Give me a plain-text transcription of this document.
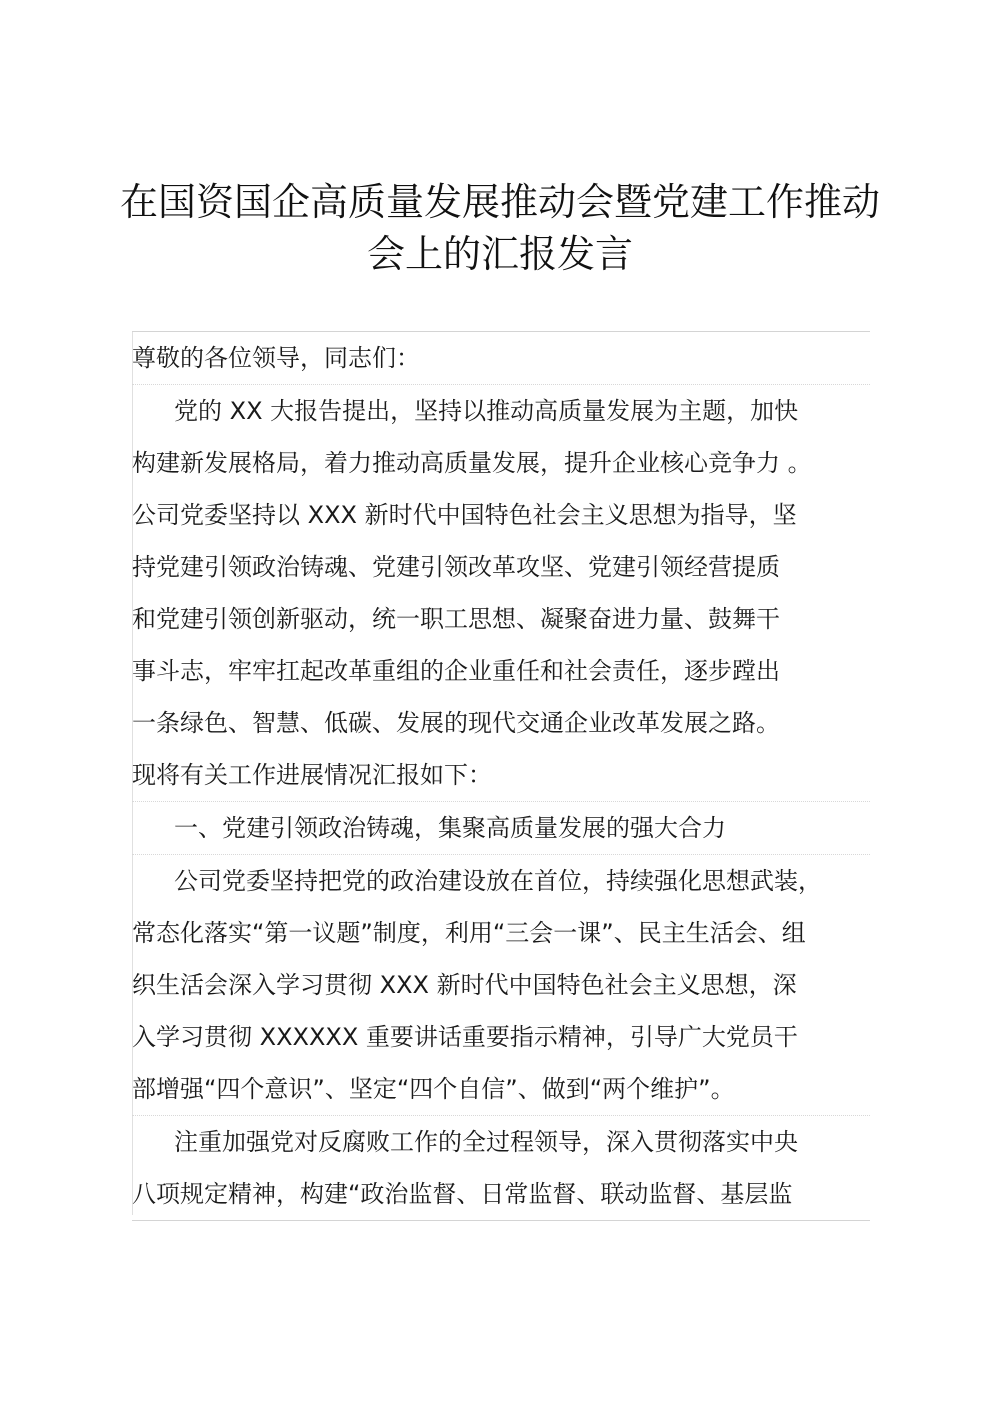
在国资国企高质量发展推动会暨党建工作推动
会上的汇报发言
尊敬的各位领导，同志们：
党的 XX 大报告提出，坚持以推动高质量发展为主题，加快
构建新发展格局，着力推动高质量发展，提升企业核心竞争力 。
公司党委坚持以 XXX 新时代中国特色社会主义思想为指导，坚
持党建引领政治铸魂、党建引领改革攻坚、党建引领经营提质
和党建引领创新驱动，统一职工思想、凝聚奋进力量、鼓舞干
事斗志，牢牢扛起改革重组的企业重任和社会责任，逐步蹚出
一条绿色、智慧、低碳、发展的现代交通企业改革发展之路。
现将有关工作进展情况汇报如下：
一、党建引领政治铸魂，集聚高质量发展的强大合力
公司党委坚持把党的政治建设放在首位，持续强化思想武装，
常态化落实“第一议题”制度，利用“三会一课”、民主生活会、组
织生活会深入学习贯彻 XXX 新时代中国特色社会主义思想，深
入学习贯彻 XXXXXX 重要讲话重要指示精神，引导广大党员干
部增强“四个意识”、坚定“四个自信”、做到“两个维护”。
注重加强党对反腐败工作的全过程领导，深入贯彻落实中央
八项规定精神，构建“政治监督、日常监督、联动监督、基层监
